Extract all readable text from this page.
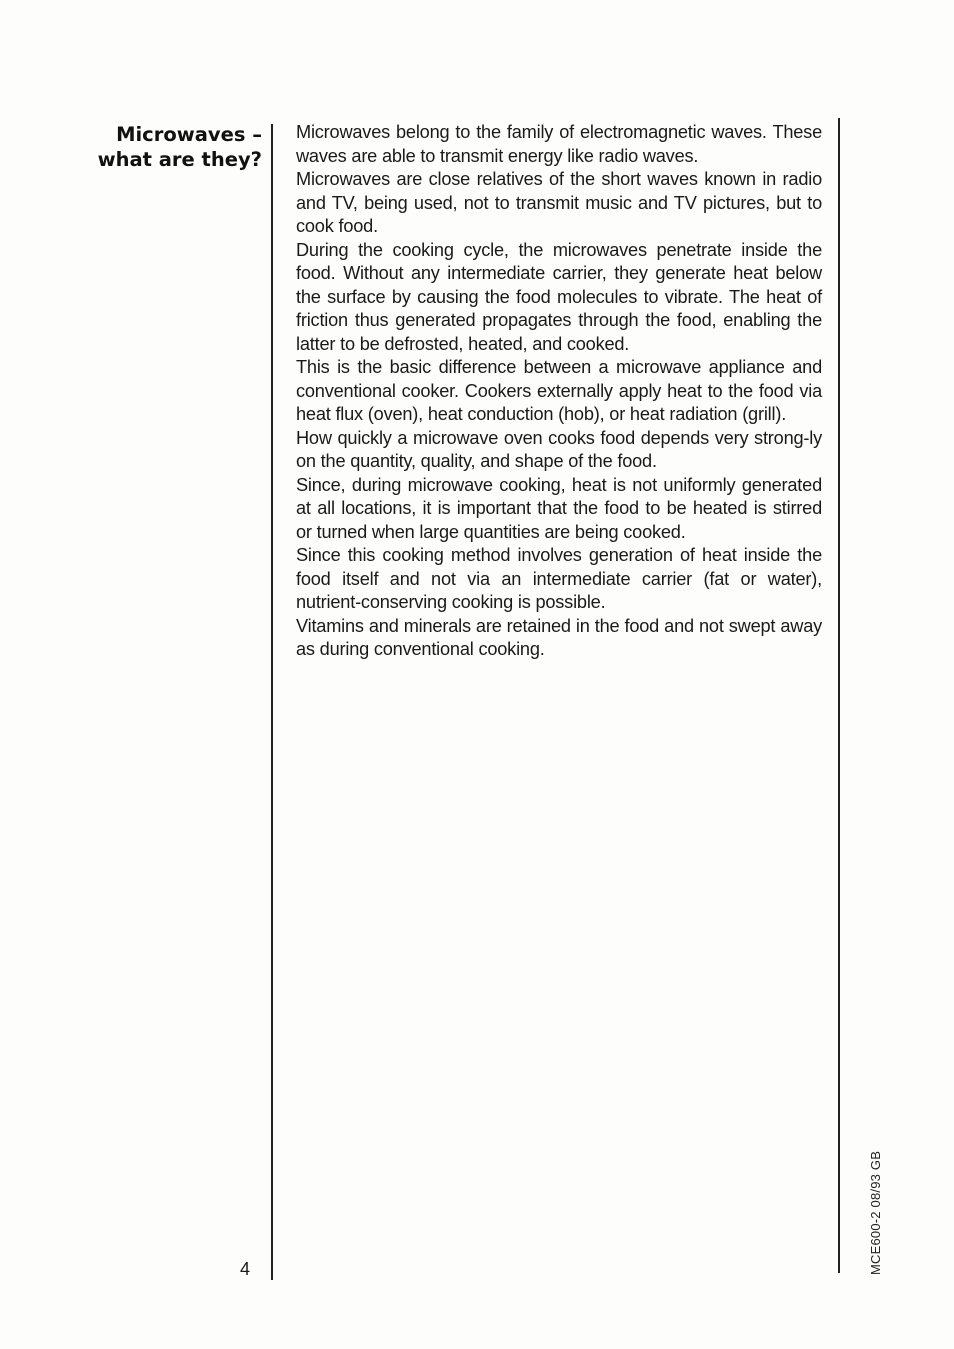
Microwaves –
what are they?

Microwaves belong to the family of electromagnetic waves. These waves are able to transmit energy like radio waves.

Microwaves are close relatives of the short waves known in radio and TV, being used, not to transmit music and TV pictures, but to cook food.

During the cooking cycle, the microwaves penetrate inside the food. Without any intermediate carrier, they generate heat below the surface by causing the food molecules to vibrate. The heat of friction thus generated propagates through the food, enabling the latter to be defrosted, heated, and cooked.

This is the basic difference between a microwave appliance and conventional cooker. Cookers externally apply heat to the food via heat flux (oven), heat conduction (hob), or heat radiation (grill).

How quickly a microwave oven cooks food depends very strong-ly on the quantity, quality, and shape of the food.

Since, during microwave cooking, heat is not uniformly generated at all locations, it is important that the food to be heated is stirred or turned when large quantities are being cooked.

Since this cooking method involves generation of heat inside the food itself and not via an intermediate carrier (fat or water), nutrient-conserving cooking is possible.

Vitamins and minerals are retained in the food and not swept away as during conventional cooking.

4	MCE600-2 08/93 GB
